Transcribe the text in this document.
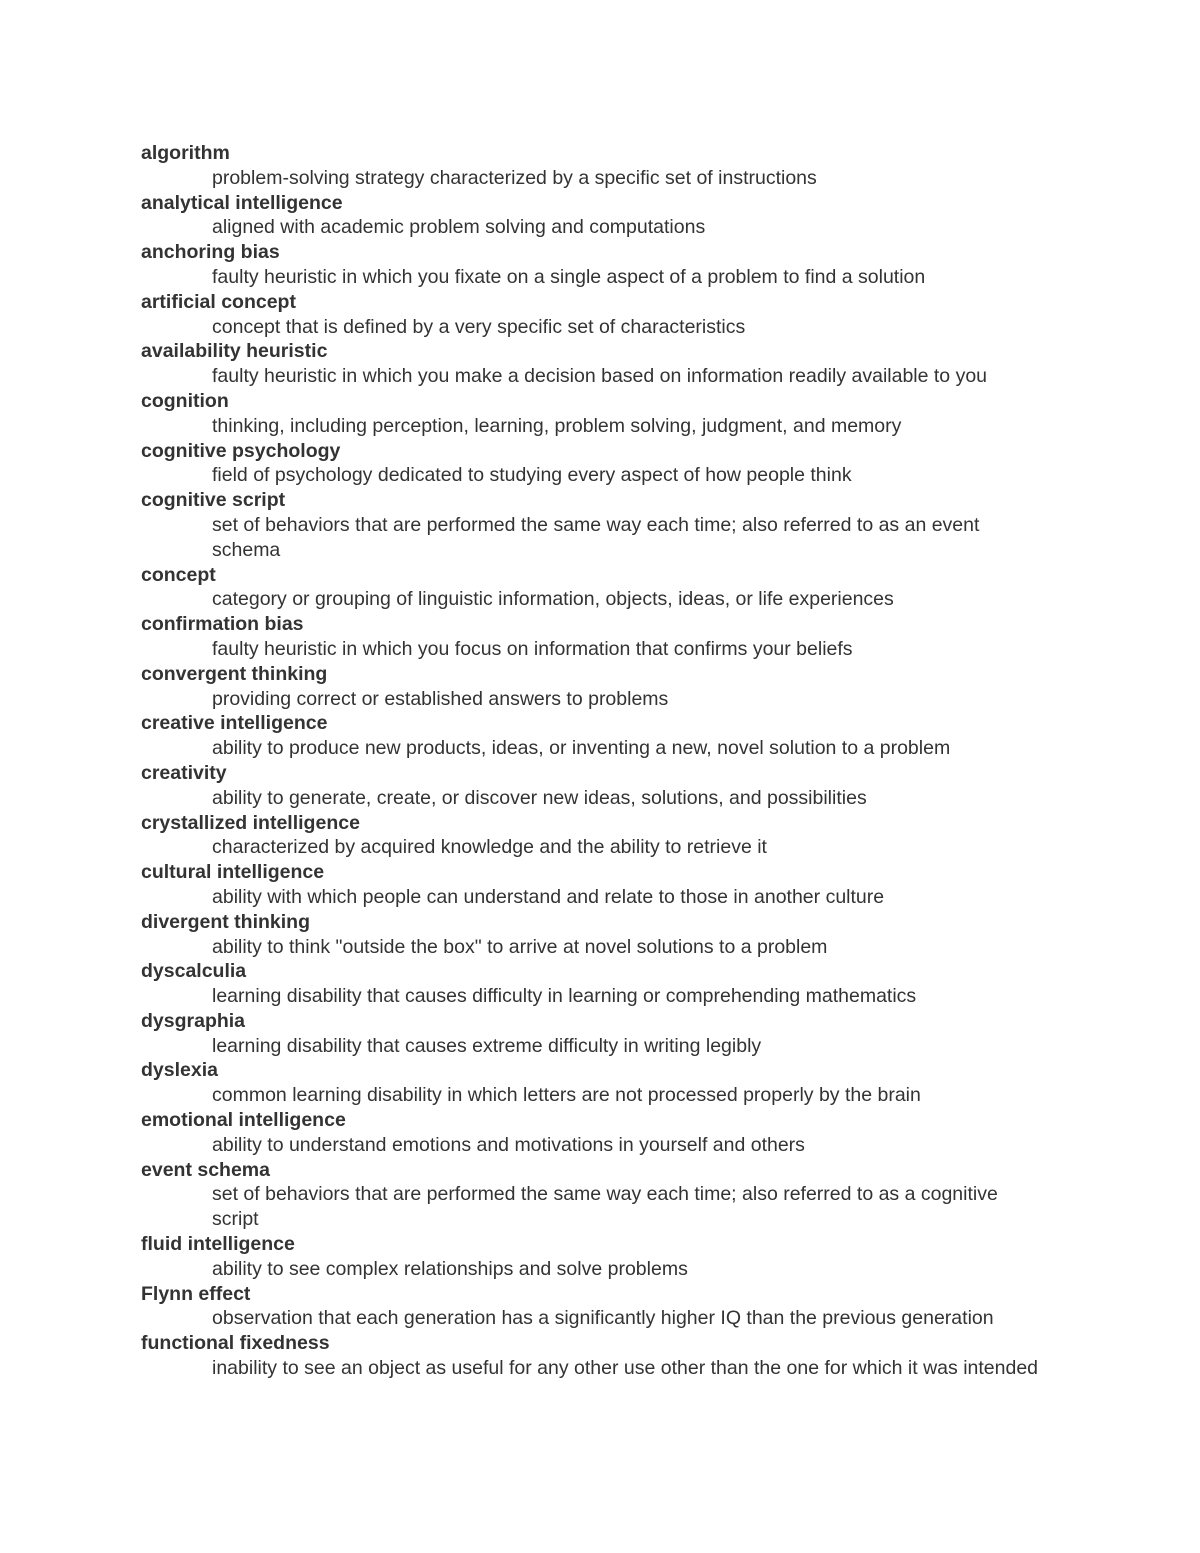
algorithm
problem-solving strategy characterized by a specific set of instructions
analytical intelligence
aligned with academic problem solving and computations
anchoring bias
faulty heuristic in which you fixate on a single aspect of a problem to find a solution
artificial concept
concept that is defined by a very specific set of characteristics
availability heuristic
faulty heuristic in which you make a decision based on information readily available to you
cognition
thinking, including perception, learning, problem solving, judgment, and memory
cognitive psychology
field of psychology dedicated to studying every aspect of how people think
cognitive script
set of behaviors that are performed the same way each time; also referred to as an event schema
concept
category or grouping of linguistic information, objects, ideas, or life experiences
confirmation bias
faulty heuristic in which you focus on information that confirms your beliefs
convergent thinking
providing correct or established answers to problems
creative intelligence
ability to produce new products, ideas, or inventing a new, novel solution to a problem
creativity
ability to generate, create, or discover new ideas, solutions, and possibilities
crystallized intelligence
characterized by acquired knowledge and the ability to retrieve it
cultural intelligence
ability with which people can understand and relate to those in another culture
divergent thinking
ability to think "outside the box" to arrive at novel solutions to a problem
dyscalculia
learning disability that causes difficulty in learning or comprehending mathematics
dysgraphia
learning disability that causes extreme difficulty in writing legibly
dyslexia
common learning disability in which letters are not processed properly by the brain
emotional intelligence
ability to understand emotions and motivations in yourself and others
event schema
set of behaviors that are performed the same way each time; also referred to as a cognitive script
fluid intelligence
ability to see complex relationships and solve problems
Flynn effect
observation that each generation has a significantly higher IQ than the previous generation
functional fixedness
inability to see an object as useful for any other use other than the one for which it was intended
